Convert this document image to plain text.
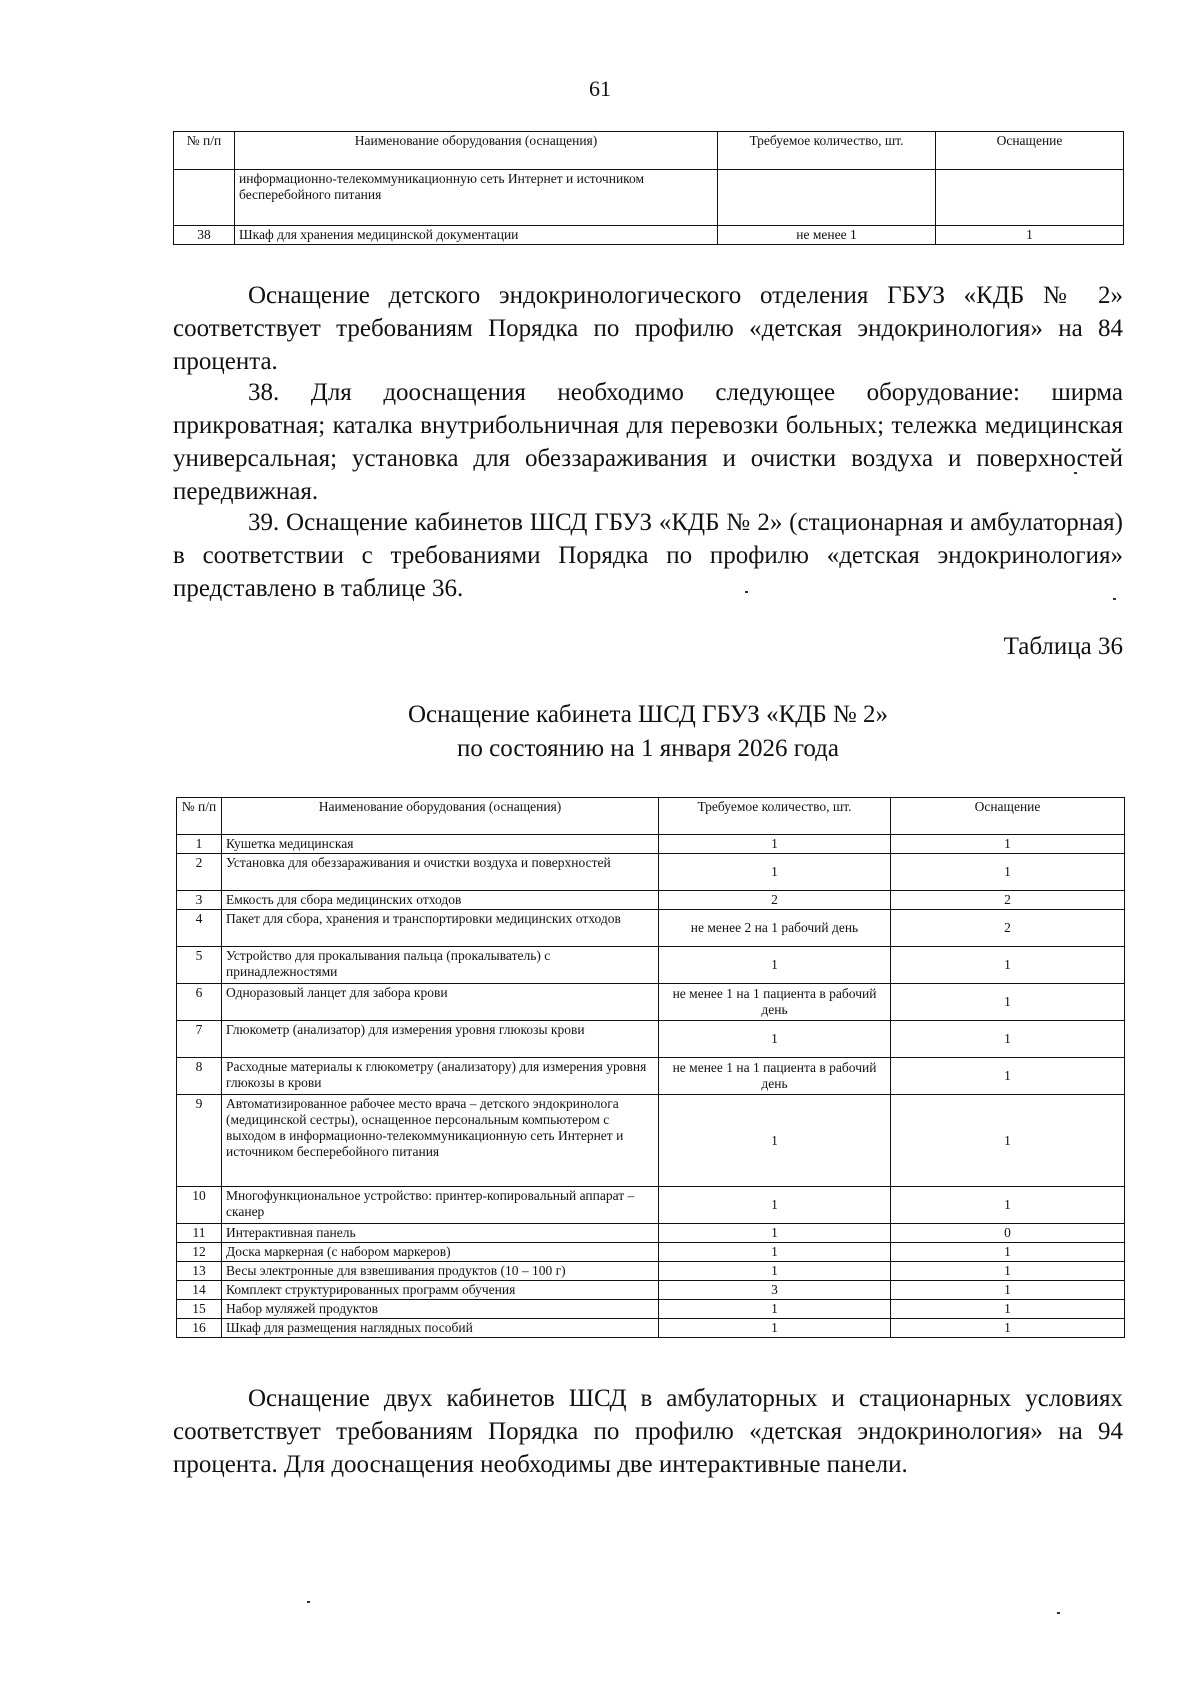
61
№ п/п	Наименование оборудования (оснащения)	Требуемое количество, шт.	Оснащение
	информационно-телекоммуникационную сеть Интернет и источником бесперебойного питания		
38	Шкаф для хранения медицинской документации	не менее 1	1

Оснащение детского эндокринологического отделения ГБУЗ «КДБ № 2» соответствует требованиям Порядка по профилю «детская эндокринология» на 84 процента.

38. Для дооснащения необходимо следующее оборудование: ширма прикроватная; каталка внутрибольничная для перевозки больных; тележка медицинская универсальная; установка для обеззараживания и очистки воздуха и поверхностей передвижная.

39. Оснащение кабинетов ШСД ГБУЗ «КДБ № 2» (стационарная и амбулаторная) в соответствии с требованиями Порядка по профилю «детская эндокринология» представлено в таблице 36.

Таблица 36
Оснащение кабинета ШСД ГБУЗ «КДБ № 2»
по состоянию на 1 января 2026 года
№ п/п	Наименование оборудования (оснащения)	Требуемое количество, шт.	Оснащение
1	Кушетка медицинская	1	1
2	Установка для обеззараживания и очистки воздуха и поверхностей	1	1
3	Емкость для сбора медицинских отходов	2	2
4	Пакет для сбора, хранения и транспортировки медицинских отходов	не менее 2 на 1 рабочий день	2
5	Устройство для прокалывания пальца (прокалыватель) с принадлежностями	1	1
6	Одноразовый ланцет для забора крови	не менее 1 на 1 пациента в рабочий день	1
7	Глюкометр (анализатор) для измерения уровня глюкозы крови	1	1
8	Расходные материалы к глюкометру (анализатору) для измерения уровня глюкозы в крови	не менее 1 на 1 пациента в рабочий день	1
9	Автоматизированное рабочее место врача – детского эндокринолога (медицинской сестры), оснащенное персональным компьютером с выходом в информационно-телекоммуникационную сеть Интернет и источником бесперебойного питания	1	1
10	Многофункциональное устройство: принтер-копировальный аппарат – сканер	1	1
11	Интерактивная панель	1	0
12	Доска маркерная (с набором маркеров)	1	1
13	Весы электронные для взвешивания продуктов (10 – 100 г)	1	1
14	Комплект структурированных программ обучения	3	1
15	Набор муляжей продуктов	1	1
16	Шкаф для размещения наглядных пособий	1	1

Оснащение двух кабинетов ШСД в амбулаторных и стационарных условиях соответствует требованиям Порядка по профилю «детская эндокринология» на 94 процента. Для дооснащения необходимы две интерактивные панели.
